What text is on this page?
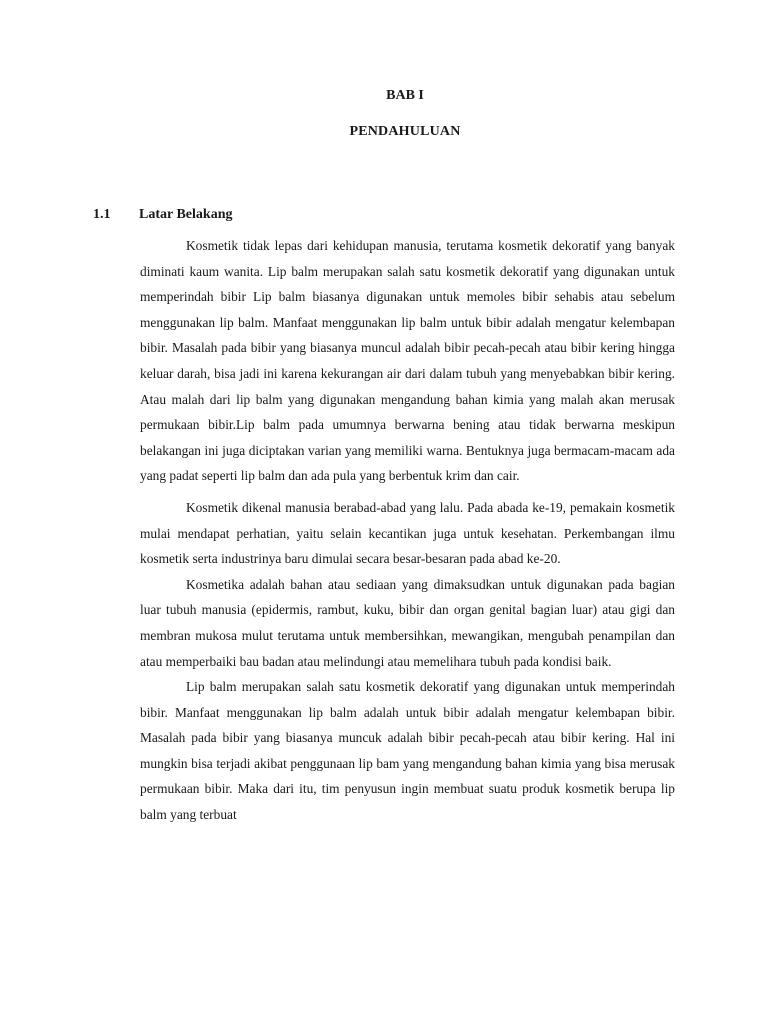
BAB I
PENDAHULUAN
1.1 Latar Belakang

Kosmetik tidak lepas dari kehidupan manusia, terutama kosmetik dekoratif yang banyak diminati kaum wanita. Lip balm merupakan salah satu kosmetik dekoratif yang digunakan untuk memperindah bibir Lip balm biasanya digunakan untuk memoles bibir sehabis atau sebelum menggunakan lip balm. Manfaat menggunakan lip balm untuk bibir adalah mengatur kelembapan bibir. Masalah pada bibir yang biasanya muncul adalah bibir pecah-pecah atau bibir kering hingga keluar darah, bisa jadi ini karena kekurangan air dari dalam tubuh yang menyebabkan bibir kering. Atau malah dari lip balm yang digunakan mengandung bahan kimia yang malah akan merusak permukaan bibir.Lip balm pada umumnya berwarna bening atau tidak berwarna meskipun belakangan ini juga diciptakan varian yang memiliki warna. Bentuknya juga bermacam-macam ada yang padat seperti lip balm dan ada pula yang berbentuk krim dan cair.

Kosmetik dikenal manusia berabad-abad yang lalu. Pada abada ke-19, pemakain kosmetik mulai mendapat perhatian, yaitu selain kecantikan juga untuk kesehatan. Perkembangan ilmu kosmetik serta industrinya baru dimulai secara besar-besaran pada abad ke-20.

Kosmetika adalah bahan atau sediaan yang dimaksudkan untuk digunakan pada bagian luar tubuh manusia (epidermis, rambut, kuku, bibir dan organ genital bagian luar) atau gigi dan membran mukosa mulut terutama untuk membersihkan, mewangikan, mengubah penampilan dan atau memperbaiki bau badan atau melindungi atau memelihara tubuh pada kondisi baik.

Lip balm merupakan salah satu kosmetik dekoratif yang digunakan untuk memperindah bibir. Manfaat menggunakan lip balm adalah untuk bibir adalah mengatur kelembapan bibir. Masalah pada bibir yang biasanya muncuk adalah bibir pecah-pecah atau bibir kering. Hal ini mungkin bisa terjadi akibat penggunaan lip bam yang mengandung bahan kimia yang bisa merusak permukaan bibir. Maka dari itu, tim penyusun ingin membuat suatu produk kosmetik berupa lip balm yang terbuat
